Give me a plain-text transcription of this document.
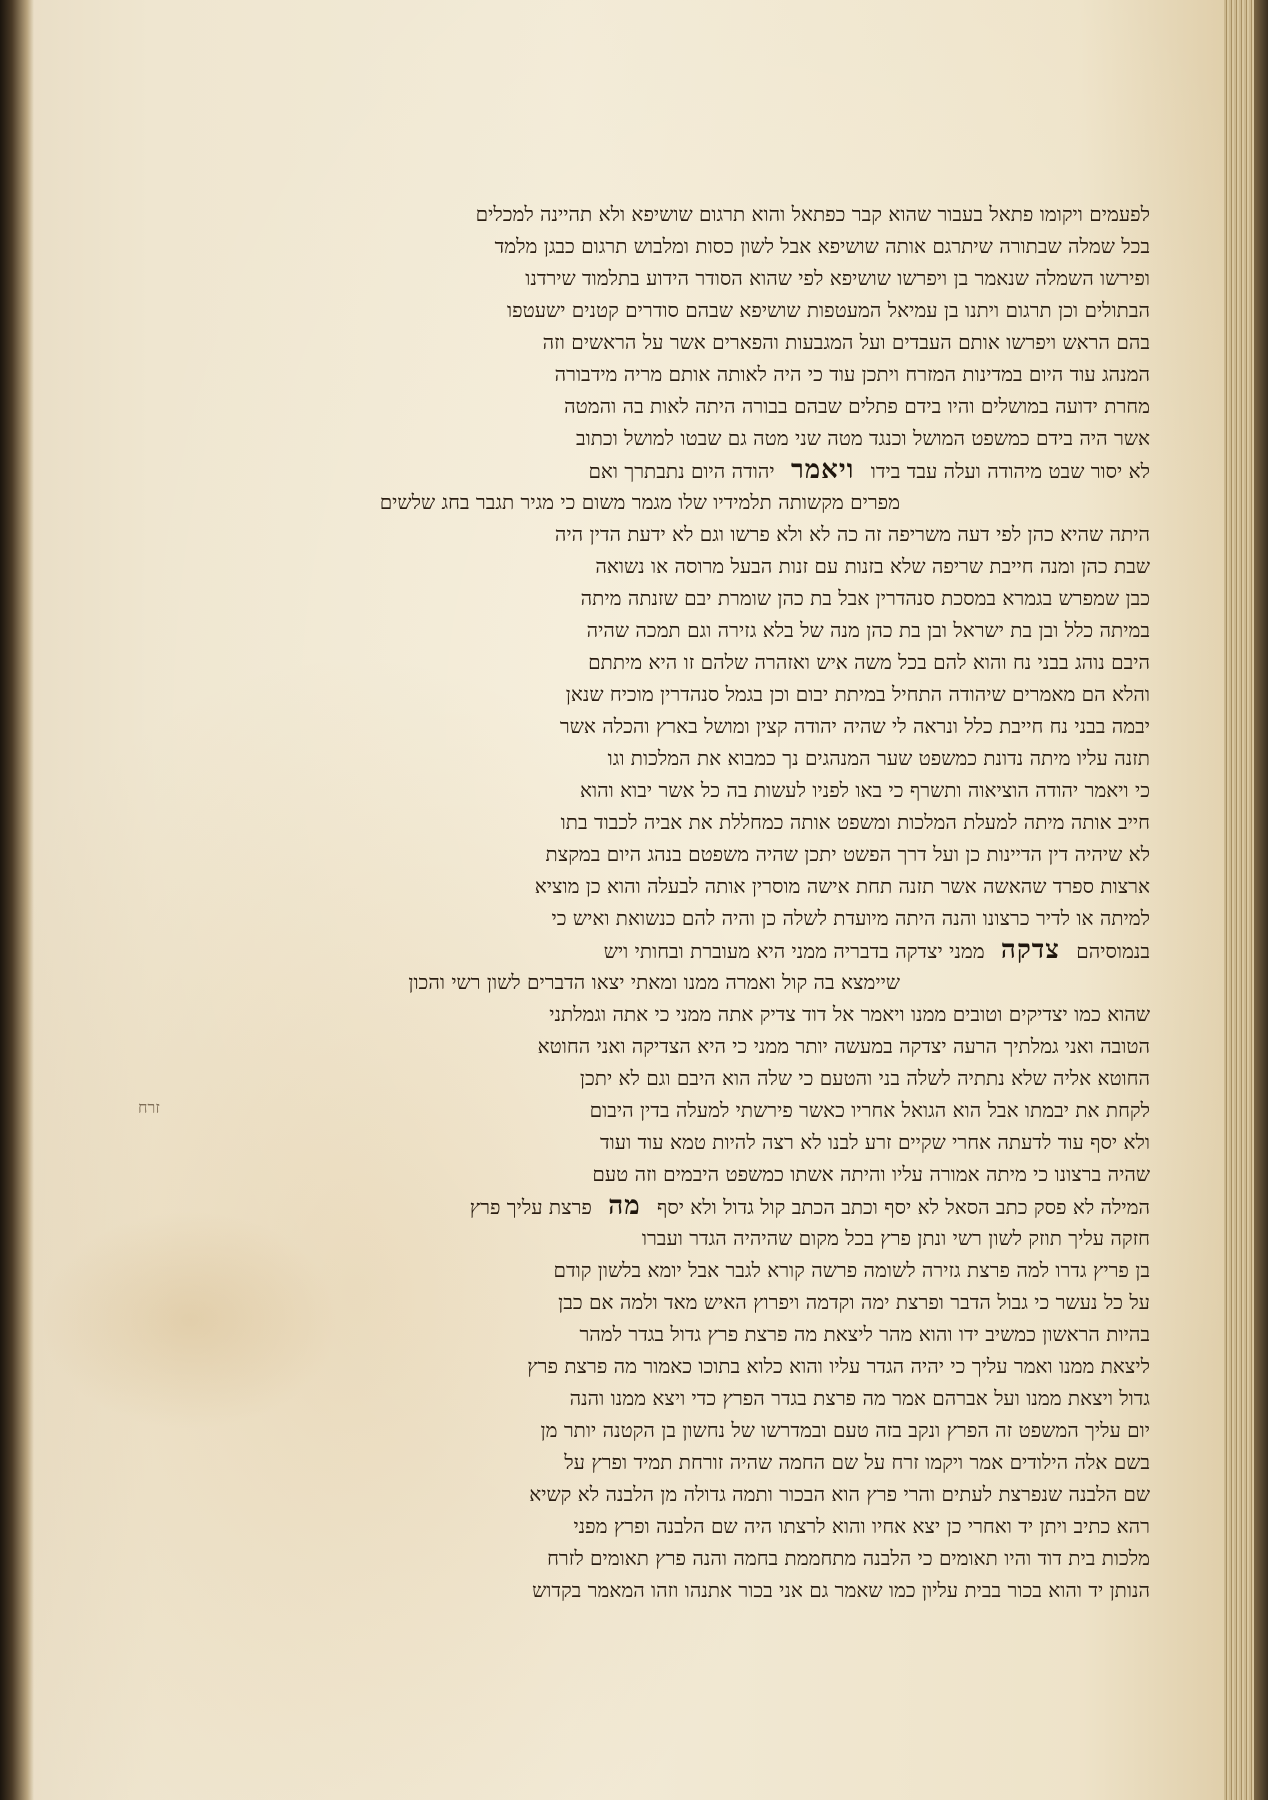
לפעמים ויקומו פתאל בעבור שהוא קבר כפתאל והוא תרגום שושיפא ולא תהיינה למכלים
בכל שמלה שבתורה שיתרגם אותה שושיפא אבל לשון כסות ומלבוש תרגום כבגן מלמד
ופירשו השמלה שנאמר בן ויפרשו שושיפא לפי שהוא הסודר הידוע בתלמוד שירדנו
הבתולים וכן תרגום ויתנו בן עמיאל המעטפות שושיפא שבהם סודרים קטנים ישעטפו
בהם הראש ויפרשו אותם העבדים ועל המגבעות והפארים אשר על הראשים וזה
המנהג עוד היום במדינות המזרח ויתכן עוד כי היה לאותה אותם מריה מידבורה
מחרת ידועה במושלים והיו בידם פתלים שבהם בבורה היתה לאות בה והמטה
אשר היה בידם כמשפט המושל וכנגד מטה שני מטה גם שבטו למושל וכתוב
לא יסור שבט מיהודה ועלה עבד בידו ויאמר יהודה היום נתבתרך ואם
מפרים מקשותה תלמידיו שלו מגמר משום כי מגיר תגבר בחג שלשים
היתה שהיא כהן לפי דעה משריפה זה כה לא ולא פרשו וגם לא ידעת הדין היה
שבת כהן ומנה חייבת שריפה שלא בזנות עם זנות הבעל מרוסה או נשואה
כבן שמפרש בגמרא במסכת סנהדרין אבל בת כהן שומרת יבם שזנתה מיתה
במיתה כלל ובן בת ישראל ובן בת כהן מנה של בלא גזירה וגם תמכה שהיה
היבם נוהג בבני נח והוא להם בכל משה איש ואזהרה שלהם זו היא מיתתם
והלא הם מאמרים שיהודה התחיל במיתת יבום וכן בגמל סנהדרין מוכיח שנאן
יבמה בבני נח חייבת כלל ונראה לי שהיה יהודה קצין ומושל בארץ והכלה אשר
תזנה עליו מיתה נדונת כמשפט שער המנהגים נך כמבוא את המלכות וגו
כי ויאמר יהודה הוציאוה ותשרף כי באו לפניו לעשות בה כל אשר יבוא והוא
חייב אותה מיתה למעלת המלכות ומשפט אותה כמחללת את אביה לכבוד בתו
לא שיהיה דין הדיינות כן ועל דרך הפשט יתכן שהיה משפטם בנהג היום במקצת
ארצות ספרד שהאשה אשר תזנה תחת אישה מוסרין אותה לבעלה והוא כן מוציא
למיתה או לדיר כרצונו והנה היתה מיועדת לשלה כן והיה להם כנשואת ואיש כי
בנמוסיהם צדקה ממני יצדקה בדבריה ממני היא מעוברת ובחותי ויש
שיימצא בה קול ואמרה ממנו ומאתי יצאו הדברים לשון רשי והכון
שהוא כמו יצדיקים וטובים ממנו ויאמר אל דוד צדיק אתה ממני כי אתה וגמלתני
הטובה ואני גמלתיך הרעה יצדקה במעשה יותר ממני כי היא הצדיקה ואני החוטא
החוטא אליה שלא נתתיה לשלה בני והטעם כי שלה הוא היבם וגם לא יתכן
לקחת את יבמתו אבל הוא הגואל אחריו כאשר פירשתי למעלה בדין היבום
ולא יסף עוד לדעתה אחרי שקיים זרע לבנו לא רצה להיות טמא עוד ועוד
שהיה ברצונו כי מיתה אמורה עליו והיתה אשתו כמשפט היבמים וזה טעם
המילה לא פסק כתב הסאל לא יסף וכתב הכתב קול גדול ולא יסף מה פרצת עליך פרץ
חזקה עליך תוזק לשון רשי ונתן פרץ בכל מקום שהיהיה הגדר ועברו
בן פריץ גדרו למה פרצת גזירה לשומה פרשה קורא לגבר אבל יומא בלשון קודם
על כל נעשר כי גבול הדבר ופרצת ימה וקדמה ויפרוץ האיש מאד ולמה אם כבן
בהיות הראשון כמשיב ידו והוא מהר ליצאת מה פרצת פרץ גדול בגדר למהר
ליצאת ממנו ואמר עליך כי יהיה הגדר עליו והוא כלוא בתוכו כאמור מה פרצת פרץ
גדול ויצאת ממנו ועל אברהם אמר מה פרצת בגדר הפרץ כדי ויצא ממנו והנה
יום עליך המשפט זה הפרץ ונקב בזה טעם ובמדרשו של נחשון בן הקטנה יותר מן
בשם אלה הילודים אמר ויקמו זרח על שם החמה שהיה זורחת תמיד ופרץ על
שם הלבנה שנפרצת לעתים והרי פרץ הוא הבכור ותמה גדולה מן הלבנה לא קשיא
רהא כתיב ויתן יד ואחרי כן יצא אחיו והוא לרצתו היה שם הלבנה ופרץ מפני
מלכות בית דוד והיו תאומים כי הלבנה מתחממת בחמה והנה פרץ תאומים לזרח
הנותן יד והוא בכור בבית עליון כמו שאמר גם אני בכור אתנהו וזהו המאמר בקדוש
זרח
